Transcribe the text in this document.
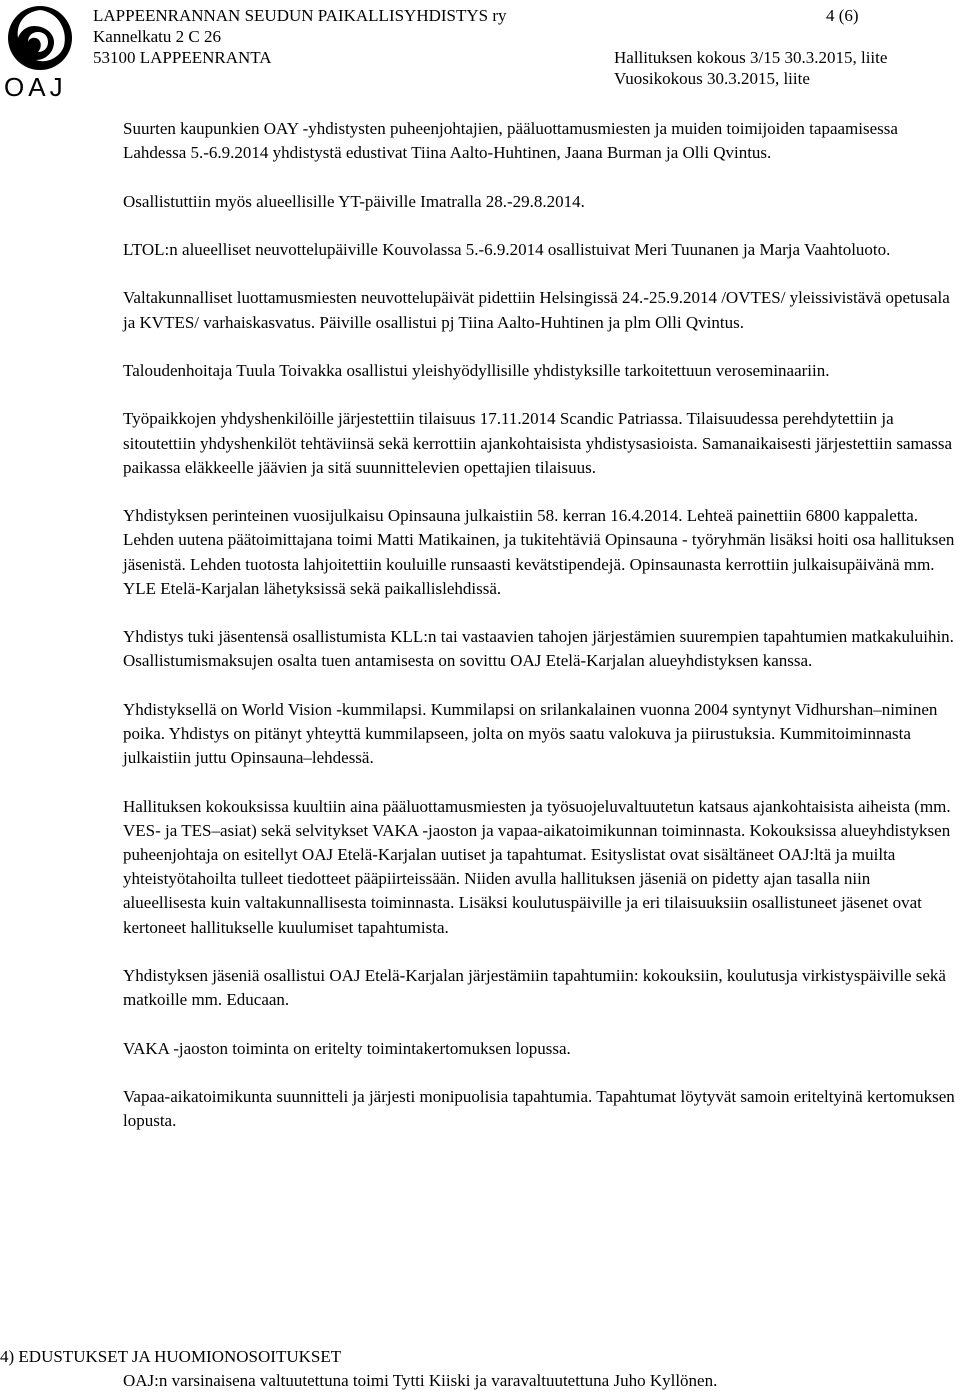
OAJ
LAPPEENRANNAN SEUDUN PAIKALLISYHDISTYS ry
Kannelkatu 2 C 26
53100 LAPPEENRANTA
4 (6)
Hallituksen kokous 3/15 30.3.2015, liite
Vuosikokous 30.3.2015, liite

Suurten kaupunkien OAY -yhdistysten puheenjohtajien, pääluottamusmiesten ja muiden toimijoiden tapaamisessa Lahdessa 5.-6.9.2014 yhdistystä edustivat Tiina Aalto-Huhtinen, Jaana Burman ja Olli Qvintus.

Osallistuttiin myös alueellisille YT-päiville Imatralla 28.-29.8.2014.

LTOL:n alueelliset neuvottelupäiville Kouvolassa 5.-6.9.2014 osallistuivat Meri Tuunanen ja Marja Vaahtoluoto.

Valtakunnalliset luottamusmiesten neuvottelupäivät pidettiin Helsingissä 24.-25.9.2014 /OVTES/ yleissivistävä opetusala ja KVTES/ varhaiskasvatus. Päiville osallistui pj Tiina Aalto-Huhtinen ja plm Olli Qvintus.

Taloudenhoitaja Tuula Toivakka osallistui yleishyödyllisille yhdistyksille tarkoitettuun veroseminaariin.

Työpaikkojen yhdyshenkilöille järjestettiin tilaisuus 17.11.2014 Scandic Patriassa. Tilaisuudessa perehdytettiin ja sitoutettiin yhdyshenkilöt tehtäviinsä sekä kerrottiin ajankohtaisista yhdistysasioista. Samanaikaisesti järjestettiin samassa paikassa eläkkeelle jäävien ja sitä suunnittelevien opettajien tilaisuus.

Yhdistyksen perinteinen vuosijulkaisu Opinsauna julkaistiin 58. kerran 16.4.2014. Lehteä painettiin 6800 kappaletta. Lehden uutena päätoimittajana toimi Matti Matikainen, ja tukitehtäviä Opinsauna - työryhmän lisäksi hoiti osa hallituksen jäsenistä. Lehden tuotosta lahjoitettiin kouluille runsaasti kevätstipendejä. Opinsaunasta kerrottiin julkaisupäivänä mm. YLE Etelä-Karjalan lähetyksissä sekä paikallislehdissä.

Yhdistys tuki jäsentensä osallistumista KLL:n tai vastaavien tahojen järjestämien suurempien tapahtumien matkakuluihin. Osallistumismaksujen osalta tuen antamisesta on sovittu OAJ Etelä-Karjalan alueyhdistyksen kanssa.

Yhdistyksellä on World Vision -kummilapsi. Kummilapsi on srilankalainen vuonna 2004 syntynyt Vidhurshan–niminen poika. Yhdistys on pitänyt yhteyttä kummilapseen, jolta on myös saatu valokuva ja piirustuksia. Kummitoiminnasta julkaistiin juttu Opinsauna–lehdessä.

Hallituksen kokouksissa kuultiin aina pääluottamusmiesten ja työsuojeluvaltuutetun katsaus ajankohtaisista aiheista (mm. VES- ja TES–asiat) sekä selvitykset VAKA -jaoston ja vapaa-aikatoimikunnan toiminnasta. Kokouksissa alueyhdistyksen puheenjohtaja on esitellyt OAJ Etelä-Karjalan uutiset ja tapahtumat. Esityslistat ovat sisältäneet OAJ:ltä ja muilta yhteistyötahoilta tulleet tiedotteet pääpiirteissään. Niiden avulla hallituksen jäseniä on pidetty ajan tasalla niin alueellisesta kuin valtakunnallisesta toiminnasta. Lisäksi koulutuspäiville ja eri tilaisuuksiin osallistuneet jäsenet ovat kertoneet hallitukselle kuulumiset tapahtumista.

Yhdistyksen jäseniä osallistui OAJ Etelä-Karjalan järjestämiin tapahtumiin: kokouksiin, koulutusja virkistyspäiville sekä matkoille mm. Educaan.

VAKA -jaoston toiminta on eritelty toimintakertomuksen lopussa.

Vapaa-aikatoimikunta suunnitteli ja järjesti monipuolisia tapahtumia. Tapahtumat löytyvät samoin eriteltyinä kertomuksen lopusta.

4) EDUSTUKSET JA HUOMIONOSOITUKSET
OAJ:n varsinaisena valtuutettuna toimi Tytti Kiiski ja varavaltuutettuna Juho Kyllönen.
